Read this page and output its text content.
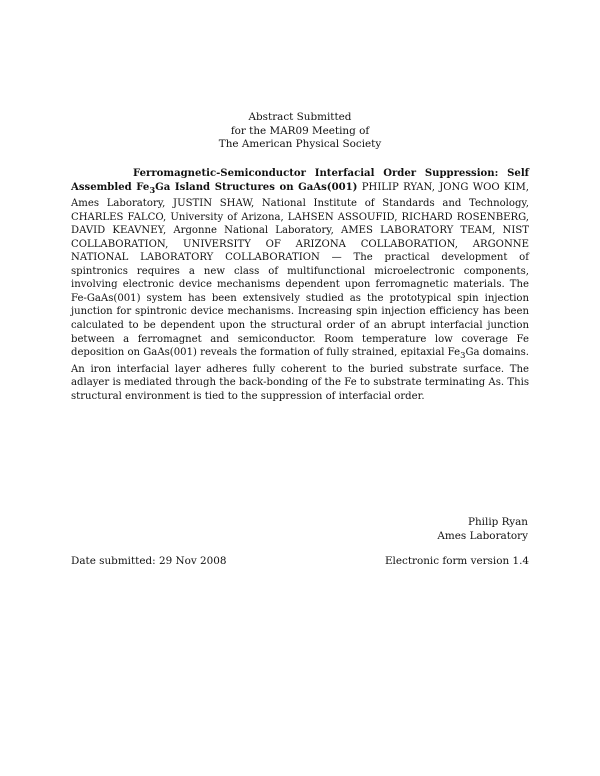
Abstract Submitted
for the MAR09 Meeting of
The American Physical Society
Ferromagnetic-Semiconductor Interfacial Order Suppression: Self Assembled $Fe_3Ga$ Island Structures on GaAs(001) PHILIP RYAN, JONG WOO KIM, Ames Laboratory, JUSTIN SHAW, National Institute of Standards and Technology, CHARLES FALCO, University of Arizona, LAHSEN ASSOUFID, RICHARD ROSENBERG, DAVID KEAVNEY, Argonne National Laboratory, AMES LABORATORY TEAM, NIST COLLABORATION, UNIVERSITY OF ARIZONA COLLABORATION, ARGONNE NATIONAL LABORATORY COLLABORATION — The practical development of spintronics requires a new class of multifunctional microelectronic components, involving electronic device mechanisms dependent upon ferromagnetic materials. The Fe-GaAs(001) system has been extensively studied as the prototypical spin injection junction for spintronic device mechanisms. Increasing spin injection efficiency has been calculated to be dependent upon the structural order of an abrupt interfacial junction between a ferromagnet and semiconductor. Room temperature low coverage Fe deposition on GaAs(001) reveals the formation of fully strained, epitaxial $Fe_3Ga$ domains. An iron interfacial layer adheres fully coherent to the buried substrate surface. The adlayer is mediated through the back-bonding of the Fe to substrate terminating As. This structural environment is tied to the suppression of interfacial order.
Philip Ryan
Ames Laboratory
Date submitted: 29 Nov 2008	Electronic form version 1.4
